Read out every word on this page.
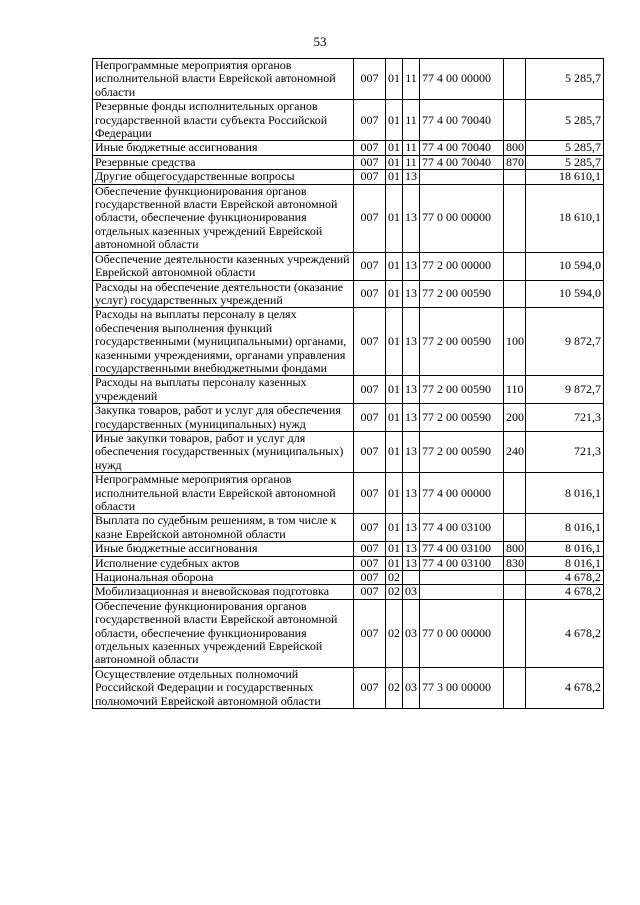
53
Непрограммные мероприятия органов исполнительной власти Еврейской автономной области	007	01	11	77 4 00 00000		5 285,7
Резервные фонды исполнительных органов государственной власти субъекта Российской Федерации	007	01	11	77 4 00 70040		5 285,7
Иные бюджетные ассигнования	007	01	11	77 4 00 70040	800	5 285,7
Резервные средства	007	01	11	77 4 00 70040	870	5 285,7
Другие общегосударственные вопросы	007	01	13			18 610,1
Обеспечение функционирования органов государственной власти Еврейской автономной области, обеспечение функционирования отдельных казенных учреждений Еврейской автономной области	007	01	13	77 0 00 00000		18 610,1
Обеспечение деятельности казенных учреждений Еврейской автономной области	007	01	13	77 2 00 00000		10 594,0
Расходы на обеспечение деятельности (оказание услуг) государственных учреждений	007	01	13	77 2 00 00590		10 594,0
Расходы на выплаты персоналу в целях обеспечения выполнения функций государственными (муниципальными) органами, казенными учреждениями, органами управления государственными внебюджетными фондами	007	01	13	77 2 00 00590	100	9 872,7
Расходы на выплаты персоналу казенных учреждений	007	01	13	77 2 00 00590	110	9 872,7
Закупка товаров, работ и услуг для обеспечения государственных (муниципальных) нужд	007	01	13	77 2 00 00590	200	721,3
Иные закупки товаров, работ и услуг для обеспечения государственных (муниципальных) нужд	007	01	13	77 2 00 00590	240	721,3
Непрограммные мероприятия органов исполнительной власти Еврейской автономной области	007	01	13	77 4 00 00000		8 016,1
Выплата по судебным решениям, в том числе к казне Еврейской автономной области	007	01	13	77 4 00 03100		8 016,1
Иные бюджетные ассигнования	007	01	13	77 4 00 03100	800	8 016,1
Исполнение судебных актов	007	01	13	77 4 00 03100	830	8 016,1
Национальная оборона	007	02				4 678,2
Мобилизационная и вневойсковая подготовка	007	02	03			4 678,2
Обеспечение функционирования органов государственной власти Еврейской автономной области, обеспечение функционирования отдельных казенных учреждений Еврейской автономной области	007	02	03	77 0 00 00000		4 678,2
Осуществление отдельных полномочий Российской Федерации и государственных полномочий Еврейской автономной области	007	02	03	77 3 00 00000		4 678,2
